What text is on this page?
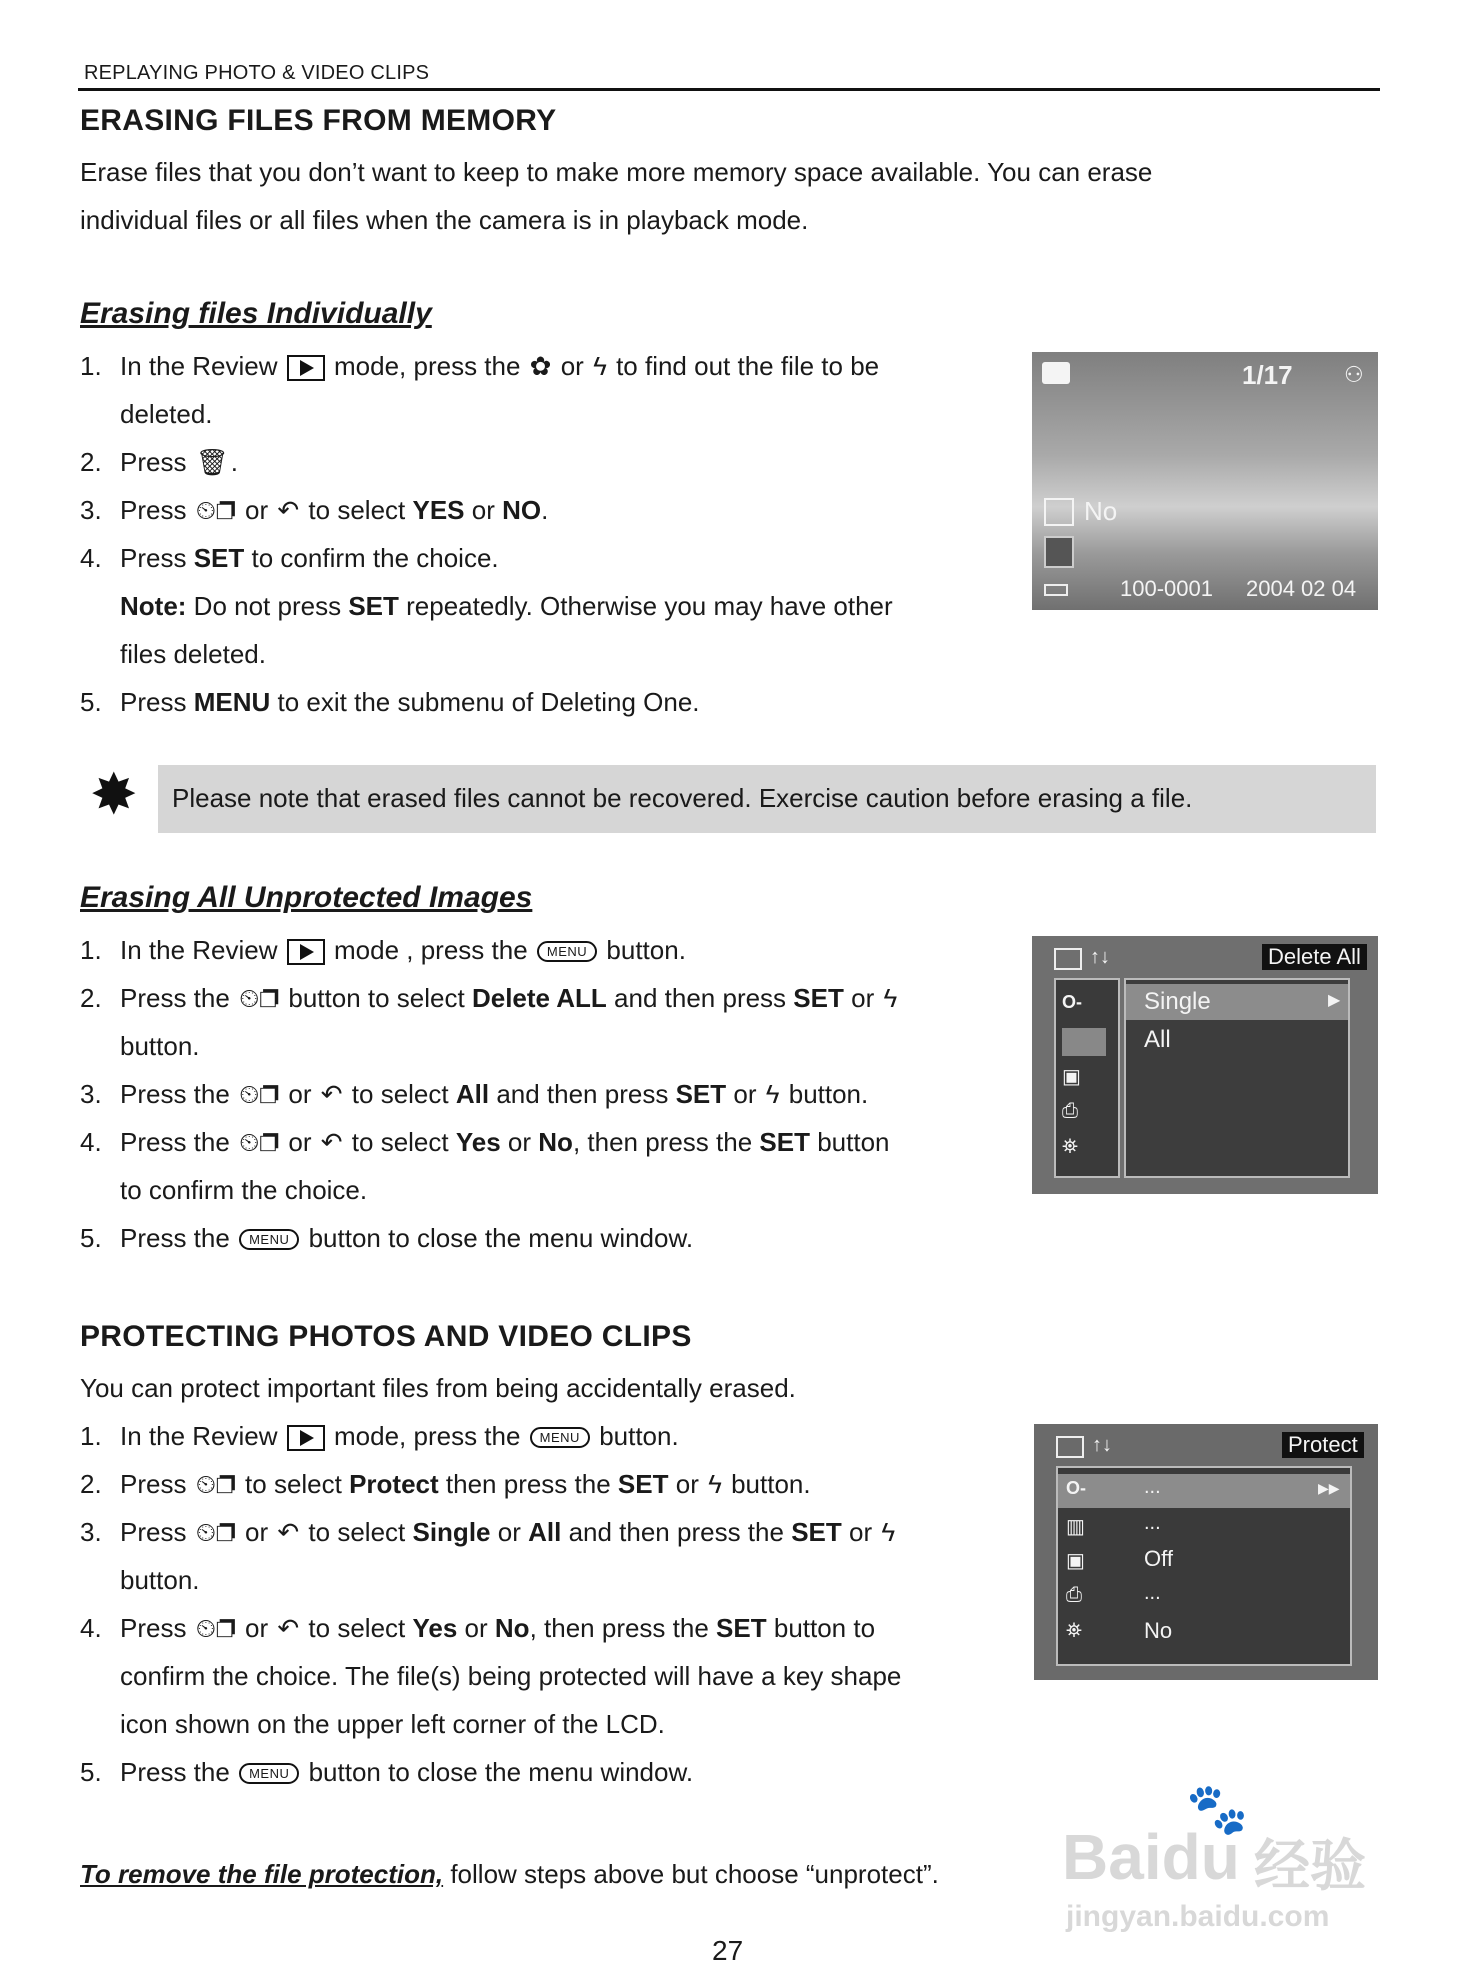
REPLAYING PHOTO & VIDEO CLIPS
ERASING FILES FROM MEMORY
Erase files that you don’t want to keep to make more memory space available. You can erase
individual files or all files when the camera is in playback mode.
Erasing files Individually
1. In the Review mode, press the ✿ or ϟ to find out the file to be
deleted.
2. Press 🗑.
3. Press ⏲❐ or ↶ to select YES or NO.
4. Press SET to confirm the choice.
Note: Do not press SET repeatedly. Otherwise you may have other
files deleted.
5. Press MENU to exit the submenu of Deleting One.
1/17 ⚇
No
100-0001 2004 02 04
✸ Please note that erased files cannot be recovered. Exercise caution before erasing a file.
Erasing All Unprotected Images
1. In the Review mode , press the MENU button.
2. Press the ⏲❐ button to select Delete ALL and then press SET or ϟ
button.
3. Press the ⏲❐ or ↶ to select All and then press SET or ϟ button.
4. Press the ⏲❐ or ↶ to select Yes or No, then press the SET button
to confirm the choice.
5. Press the MENU button to close the menu window.
↑↓	Delete All
O‑
▣
⎙
⛯
Single	▶
All
PROTECTING PHOTOS AND VIDEO CLIPS
You can protect important files from being accidentally erased.
1. In the Review mode, press the MENU button.
2. Press ⏲❐ to select Protect then press the SET or ϟ button.
3. Press ⏲❐ or ↶ to select Single or All and then press the SET or ϟ
button.
4. Press ⏲❐ or ↶ to select Yes or No, then press the SET button to
confirm the choice. The file(s) being protected will have a key shape
icon shown on the upper left corner of the LCD.
5. Press the MENU button to close the menu window.
↑↓	Protect
O‑	...	▶▶
▥	...
▣	Off
⎙	...
⛯	No
To remove the file protection, follow steps above but choose “unprotect”. Baidu 经验
jingyan.baidu.com
🐾
27
